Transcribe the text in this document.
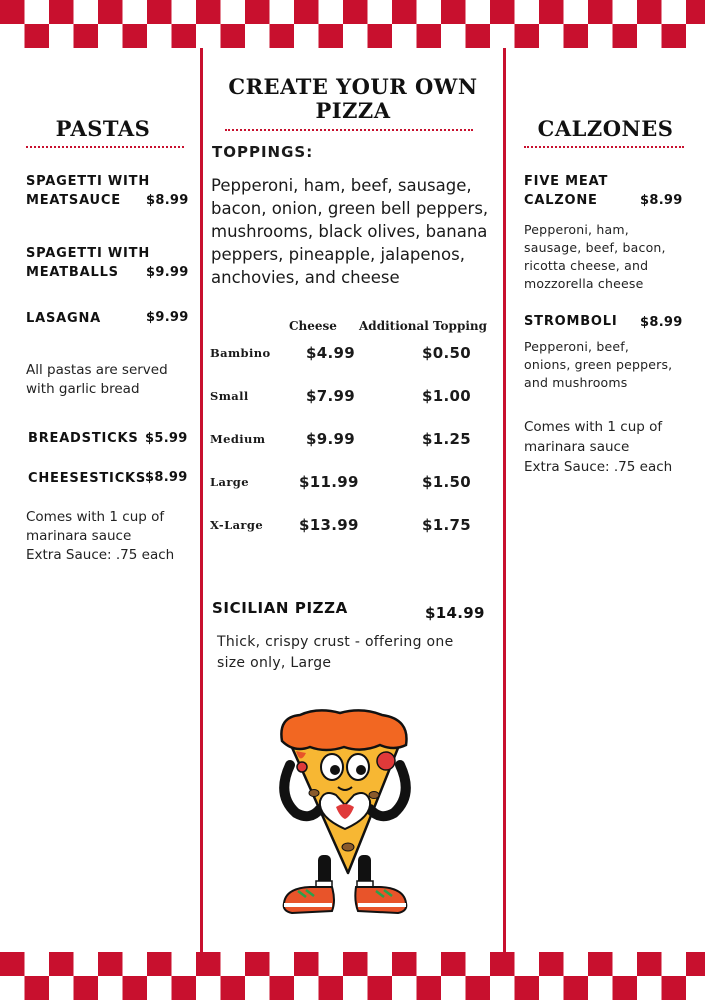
PASTAS
SPAGETTI WITH
MEATSAUCE $8.99
SPAGETTI WITH
MEATBALLS $9.99
LASAGNA	$9.99
All pastas are served
with garlic bread
BREADSTICKS $5.99
CHEESESTICKS
$8.99
Comes with 1 cup of
marinara sauce
Extra Sauce: .75 each
CREATE YOUR OWN
PIZZA
TOPPINGS:
Pepperoni, ham, beef, sausage, bacon, onion, green bell peppers, mushrooms, black olives, banana peppers, pineapple, jalapenos, anchovies, and cheese
Cheese Additional Topping
Bambino $4.99	$0.50
Small	$7.99	$1.00
Medium	$9.99	$1.25
Large	$11.99	$1.50
X-Large $13.99	$1.75
SICILIAN PIZZA	$14.99
Thick, crispy crust - offering one
size only, Large
CALZONES
FIVE MEAT
CALZONE	$8.99
Pepperoni, ham,
sausage, beef, bacon,
ricotta cheese, and
mozzorella cheese
STROMBOLI $8.99
Pepperoni, beef,
onions, green peppers,
and mushrooms
Comes with 1 cup of
marinara sauce
Extra Sauce: .75 each
